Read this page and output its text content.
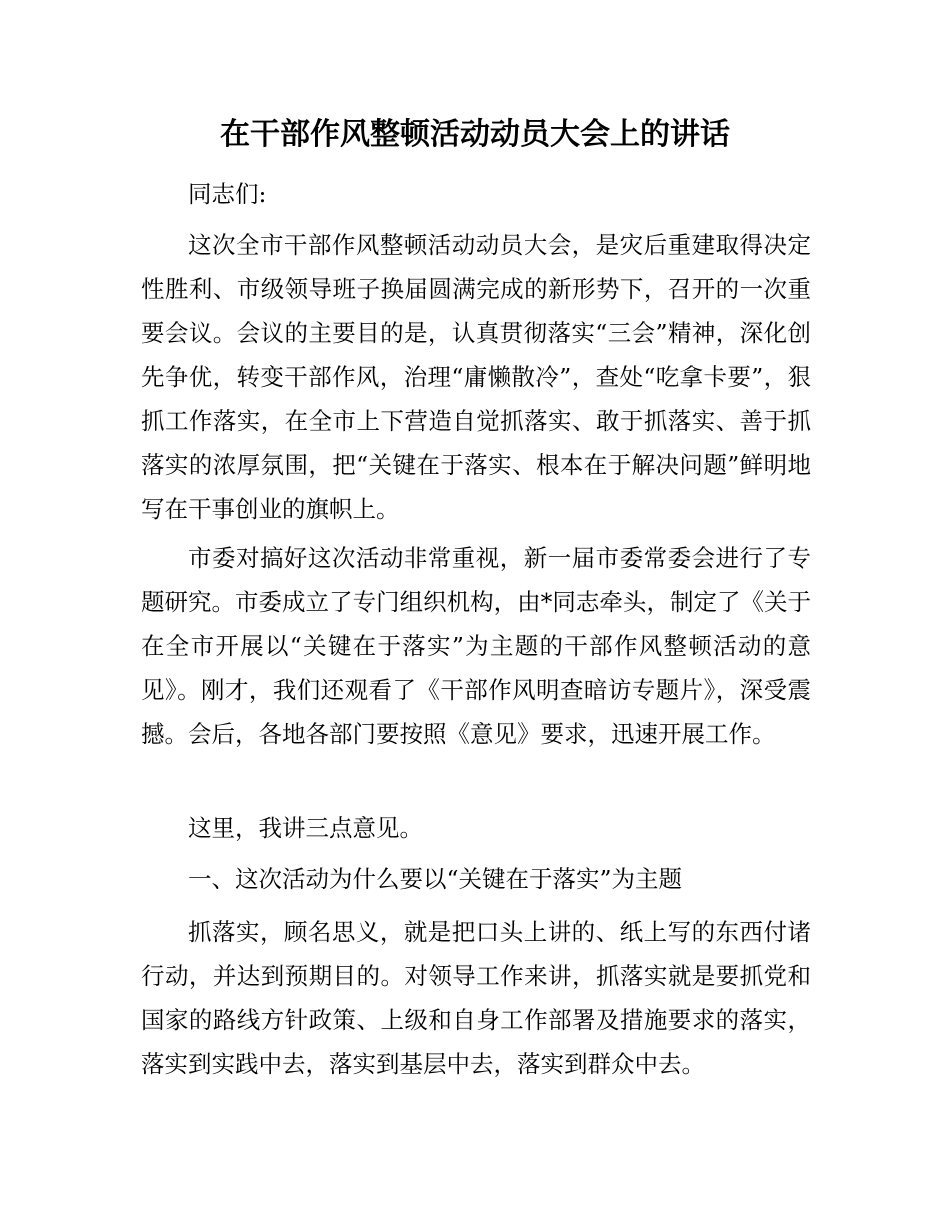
在干部作风整顿活动动员大会上的讲话

同志们:

这次全市干部作风整顿活动动员大会，是灾后重建取得决定性胜利、市级领导班子换届圆满完成的新形势下，召开的一次重要会议。会议的主要目的是，认真贯彻落实“三会”精神，深化创先争优，转变干部作风，治理“庸懒散冷”，查处“吃拿卡要”，狠抓工作落实，在全市上下营造自觉抓落实、敢于抓落实、善于抓落实的浓厚氛围，把“关键在于落实、根本在于解决问题”鲜明地写在干事创业的旗帜上。

市委对搞好这次活动非常重视，新一届市委常委会进行了专题研究。市委成立了专门组织机构，由*同志牵头，制定了《关于在全市开展以“关键在于落实”为主题的干部作风整顿活动的意见》。刚才，我们还观看了《干部作风明查暗访专题片》，深受震撼。会后，各地各部门要按照《意见》要求，迅速开展工作。

这里，我讲三点意见。

一、这次活动为什么要以“关键在于落实”为主题

抓落实，顾名思义，就是把口头上讲的、纸上写的东西付诸行动，并达到预期目的。对领导工作来讲，抓落实就是要抓党和国家的路线方针政策、上级和自身工作部署及措施要求的落实，落实到实践中去，落实到基层中去，落实到群众中去。
